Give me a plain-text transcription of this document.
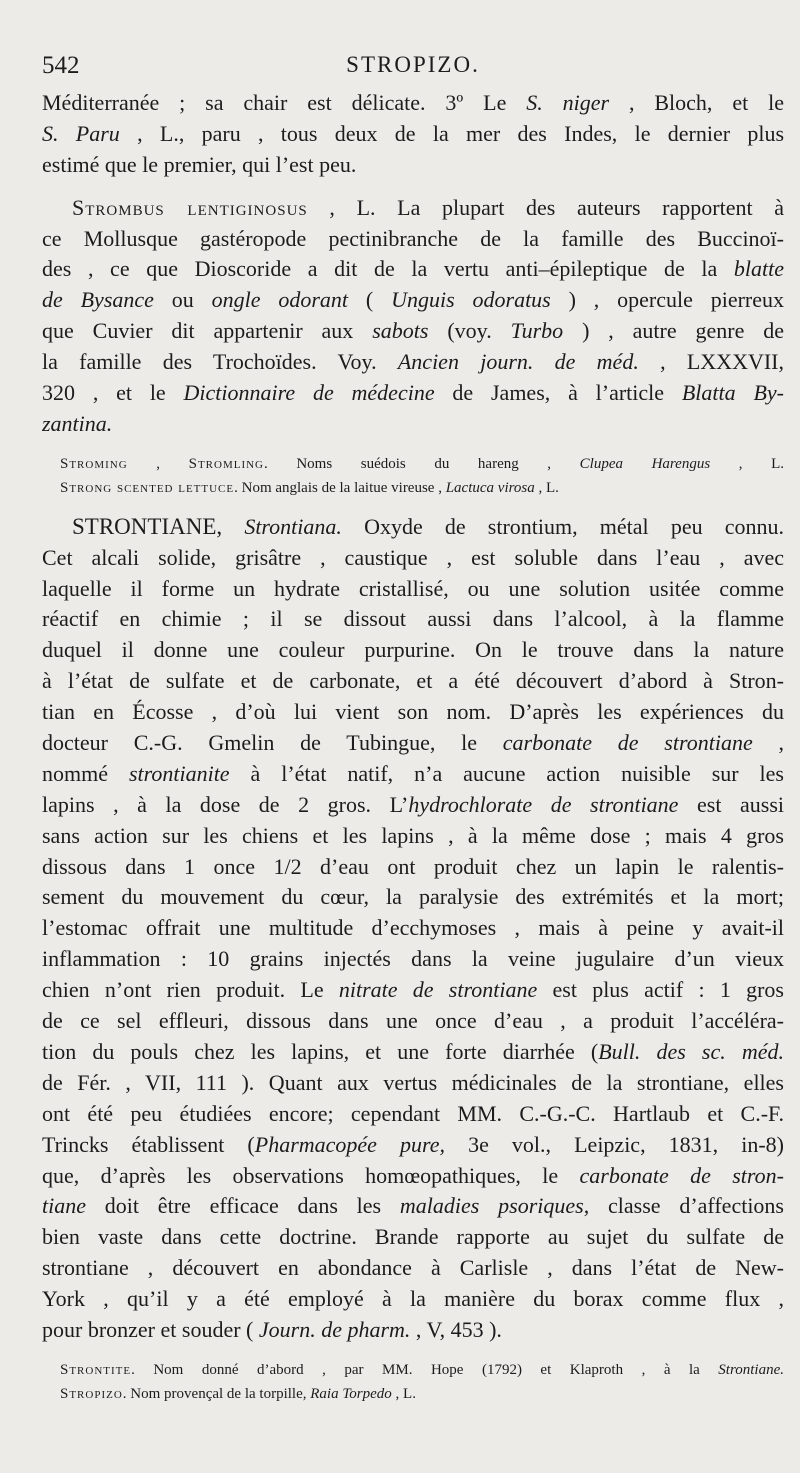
542	STROPIZO.
Méditerranée ; sa chair est délicate. 3º Le S. niger , Bloch, et le
S. Paru , L., paru , tous deux de la mer des Indes, le dernier plus
estimé que le premier, qui l’est peu.
Strombus lentiginosus , L. La plupart des auteurs rapportent à
ce Mollusque gastéropode pectinibranche de la famille des Buccinoï-
des , ce que Dioscoride a dit de la vertu anti–épileptique de la blatte
de Bysance ou ongle odorant ( Unguis odoratus ) , opercule pierreux
que Cuvier dit appartenir aux sabots (voy. Turbo ) , autre genre de
la famille des Trochoïdes. Voy. Ancien journ. de méd. , LXXXVII,
320 , et le Dictionnaire de médecine de James, à l’article Blatta By-
zantina.
Stroming , Stromling. Noms suédois du hareng , Clupea Harengus , L.
Strong scented lettuce. Nom anglais de la laitue vireuse , Lactuca virosa , L.
STRONTIANE, Strontiana. Oxyde de strontium, métal peu connu.
Cet alcali solide, grisâtre , caustique , est soluble dans l’eau , avec
laquelle il forme un hydrate cristallisé, ou une solution usitée comme
réactif en chimie ; il se dissout aussi dans l’alcool, à la flamme
duquel il donne une couleur purpurine. On le trouve dans la nature
à l’état de sulfate et de carbonate, et a été découvert d’abord à Stron-
tian en Écosse , d’où lui vient son nom. D’après les expériences du
docteur C.-G. Gmelin de Tubingue, le carbonate de strontiane ,
nommé strontianite à l’état natif, n’a aucune action nuisible sur les
lapins , à la dose de 2 gros. L’hydrochlorate de strontiane est aussi
sans action sur les chiens et les lapins , à la même dose ; mais 4 gros
dissous dans 1 once 1/2 d’eau ont produit chez un lapin le ralentis-
sement du mouvement du cœur, la paralysie des extrémités et la mort;
l’estomac offrait une multitude d’ecchymoses , mais à peine y avait-il
inflammation : 10 grains injectés dans la veine jugulaire d’un vieux
chien n’ont rien produit. Le nitrate de strontiane est plus actif : 1 gros
de ce sel effleuri, dissous dans une once d’eau , a produit l’accéléra-
tion du pouls chez les lapins, et une forte diarrhée (Bull. des sc. méd.
de Fér. , VII, 111 ). Quant aux vertus médicinales de la strontiane, elles
ont été peu étudiées encore; cependant MM. C.-G.-C. Hartlaub et C.-F.
Trincks établissent (Pharmacopée pure, 3e vol., Leipzic, 1831, in-8)
que, d’après les observations homœopathiques, le carbonate de stron-
tiane doit être efficace dans les maladies psoriques, classe d’affections
bien vaste dans cette doctrine. Brande rapporte au sujet du sulfate de
strontiane , découvert en abondance à Carlisle , dans l’état de New-
York , qu’il y a été employé à la manière du borax comme flux ,
pour bronzer et souder ( Journ. de pharm. , V, 453 ).
Strontite. Nom donné d’abord , par MM. Hope (1792) et Klaproth , à la Strontiane.
Stropizo. Nom provençal de la torpille, Raia Torpedo , L.
